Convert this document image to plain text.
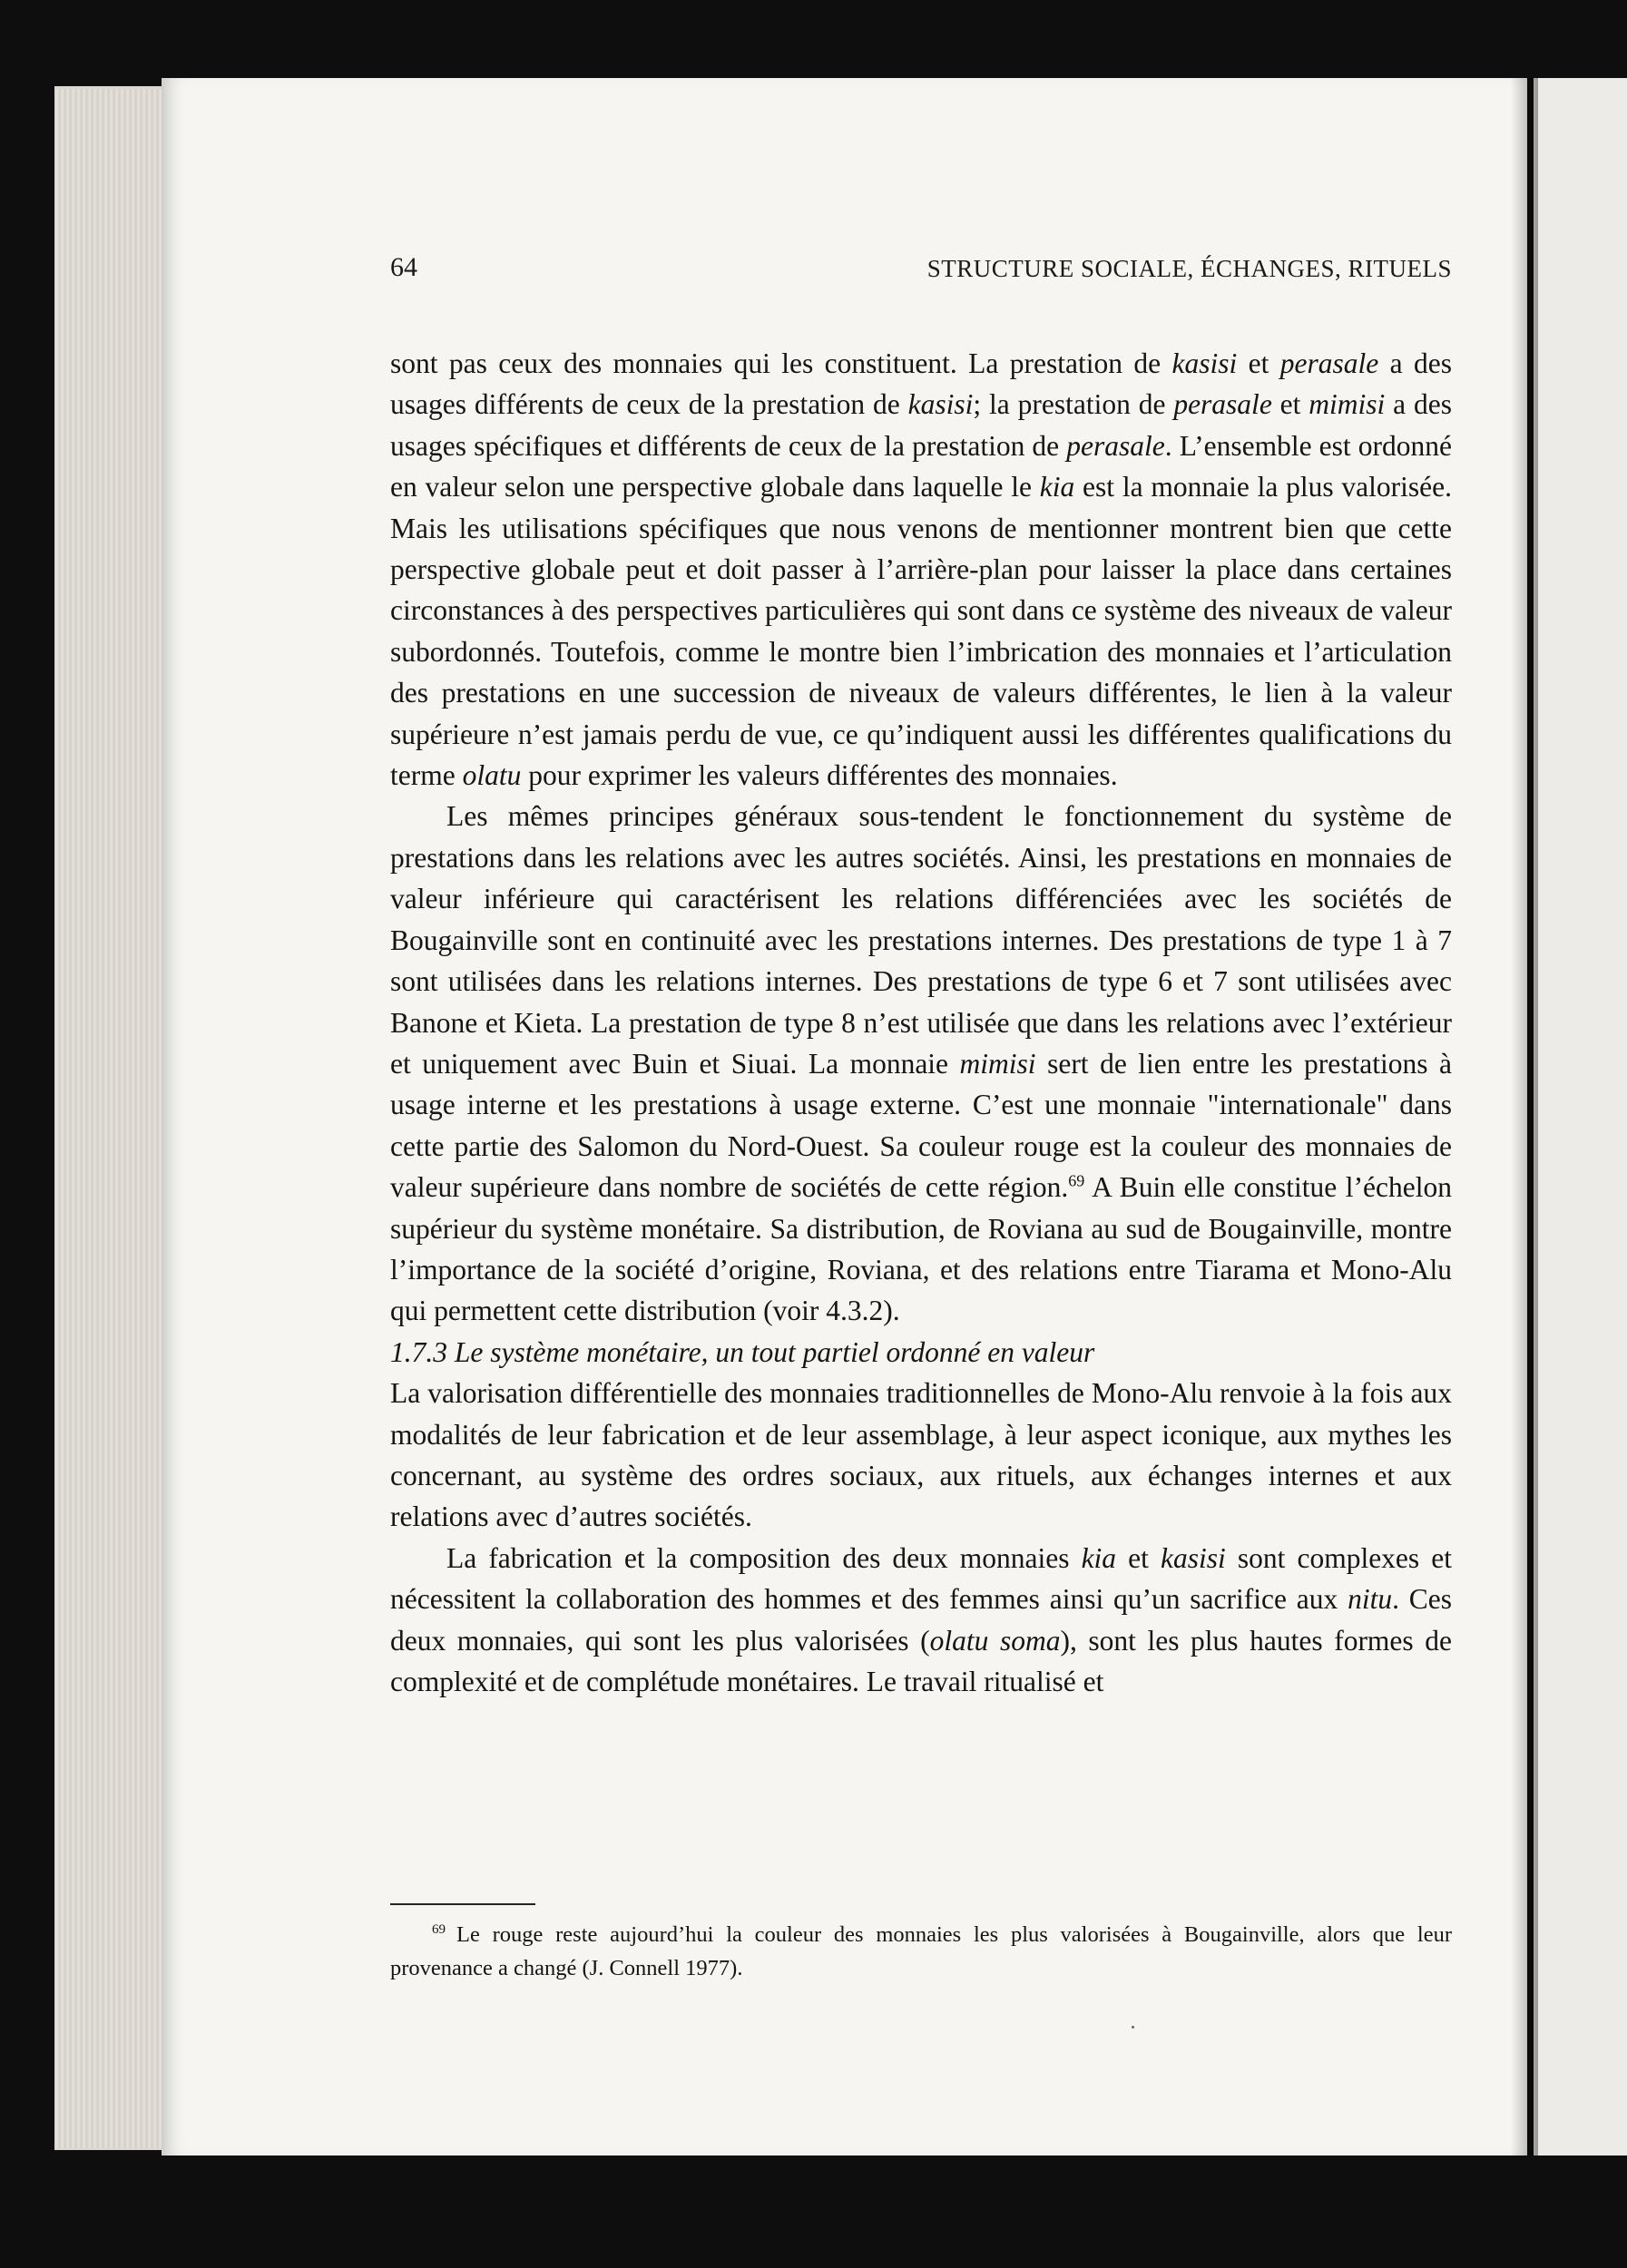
64	STRUCTURE SOCIALE, ÉCHANGES, RITUELS

sont pas ceux des monnaies qui les constituent. La prestation de kasisi et perasale a des usages différents de ceux de la prestation de kasisi; la prestation de perasale et mimisi a des usages spécifiques et différents de ceux de la prestation de perasale. L’ensemble est ordonné en valeur selon une perspective globale dans laquelle le kia est la monnaie la plus valorisée. Mais les utilisations spécifiques que nous venons de mentionner montrent bien que cette perspective globale peut et doit passer à l’arrière-plan pour laisser la place dans certaines circonstances à des perspectives particulières qui sont dans ce système des niveaux de valeur subordonnés. Toutefois, comme le montre bien l’imbrication des monnaies et l’articulation des prestations en une succession de niveaux de valeurs différentes, le lien à la valeur supérieure n’est jamais perdu de vue, ce qu’indiquent aussi les différentes qualifications du terme olatu pour exprimer les valeurs différentes des monnaies.

Les mêmes principes généraux sous-tendent le fonctionnement du système de prestations dans les relations avec les autres sociétés. Ainsi, les prestations en monnaies de valeur inférieure qui caractérisent les relations différenciées avec les sociétés de Bougainville sont en continuité avec les prestations internes. Des prestations de type 1 à 7 sont utilisées dans les relations internes. Des prestations de type 6 et 7 sont utilisées avec Banone et Kieta. La prestation de type 8 n’est utilisée que dans les relations avec l’extérieur et uniquement avec Buin et Siuai. La monnaie mimisi sert de lien entre les prestations à usage interne et les prestations à usage externe. C’est une monnaie "internationale" dans cette partie des Salomon du Nord-Ouest. Sa couleur rouge est la couleur des monnaies de valeur supérieure dans nombre de sociétés de cette région.$^{69}$ A Buin elle constitue l’échelon supérieur du système monétaire. Sa distribution, de Roviana au sud de Bougainville, montre l’importance de la société d’origine, Roviana, et des relations entre Tiarama et Mono-Alu qui permettent cette distribution (voir 4.3.2).

1.7.3 Le système monétaire, un tout partiel ordonné en valeur

La valorisation différentielle des monnaies traditionnelles de Mono-Alu renvoie à la fois aux modalités de leur fabrication et de leur assemblage, à leur aspect iconique, aux mythes les concernant, au système des ordres sociaux, aux rituels, aux échanges internes et aux relations avec d’autres sociétés.

La fabrication et la composition des deux monnaies kia et kasisi sont complexes et nécessitent la collaboration des hommes et des femmes ainsi qu’un sacrifice aux nitu. Ces deux monnaies, qui sont les plus valorisées (olatu soma), sont les plus hautes formes de complexité et de complétude monétaires. Le travail ritualisé et

$^{69}$ Le rouge reste aujourd’hui la couleur des monnaies les plus valorisées à Bougainville, alors que leur provenance a changé (J. Connell 1977).
